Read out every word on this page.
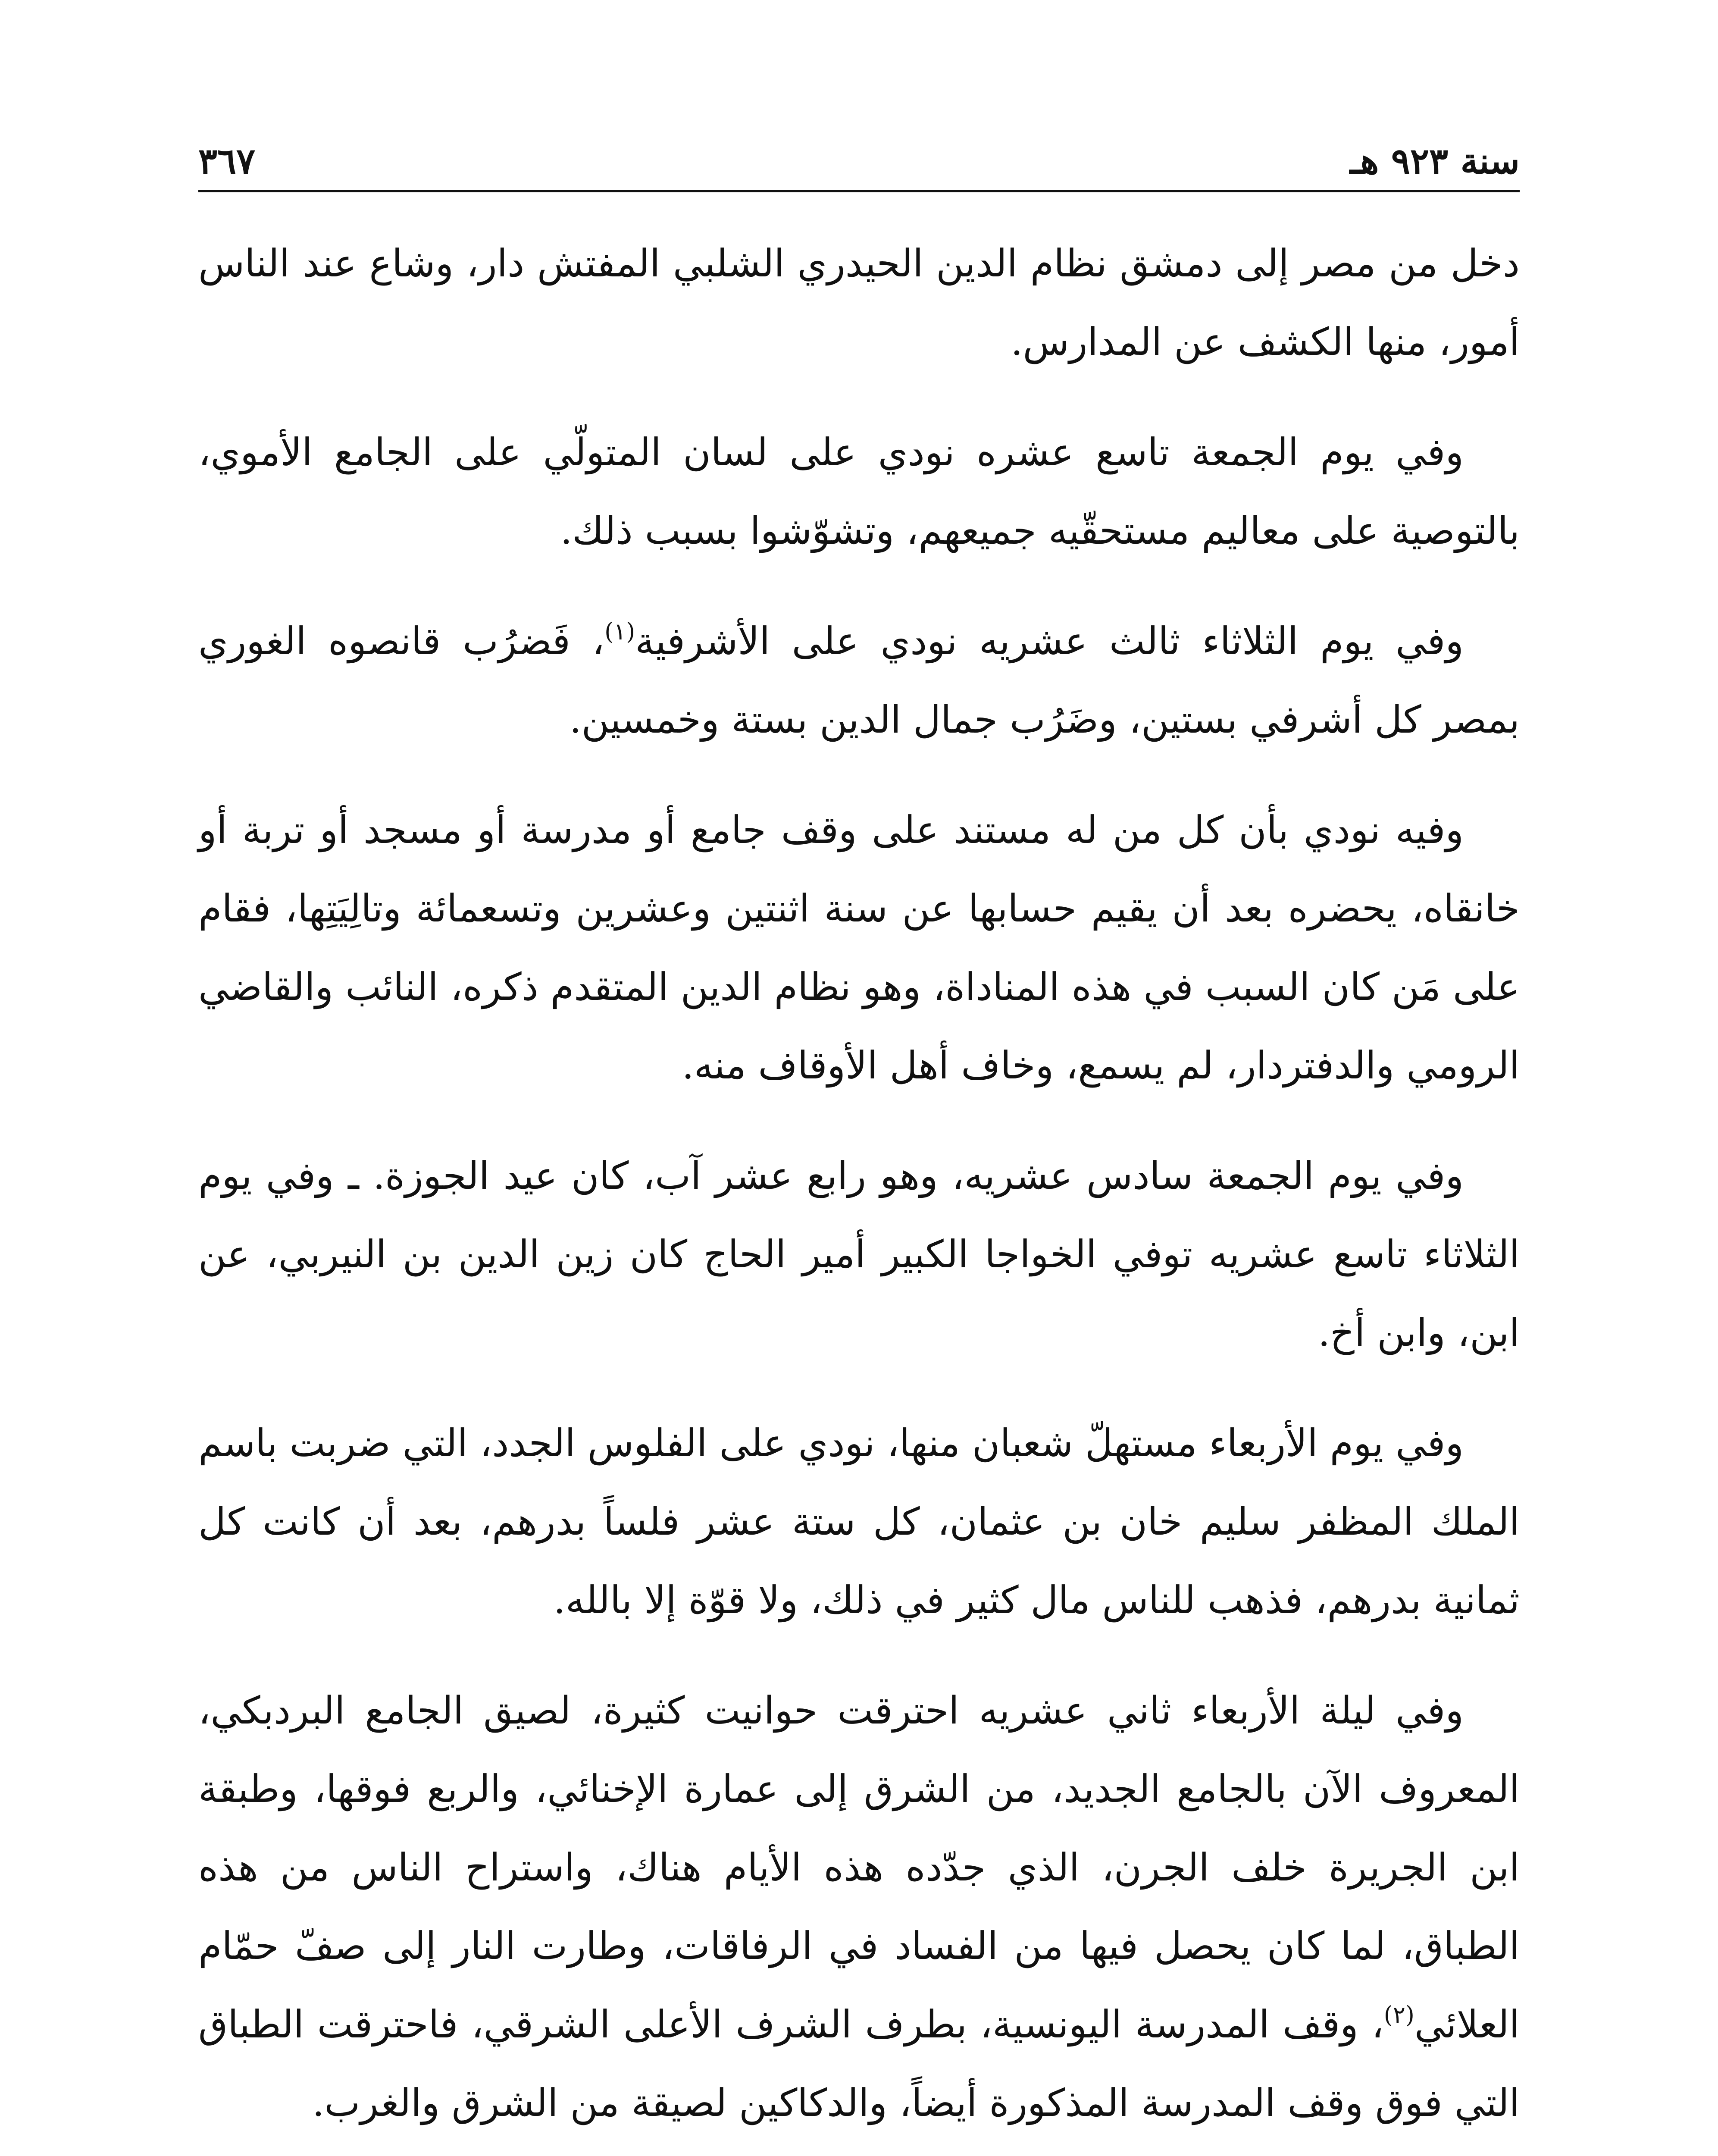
سنة ٩٢٣ هـ
٣٦٧

دخل من مصر إلى دمشق نظام الدين الحيدري الشلبي المفتش دار، وشاع عند الناس أمور، منها الكشف عن المدارس.

وفي يوم الجمعة تاسع عشره نودي على لسان المتولّي على الجامع الأموي، بالتوصية على معاليم مستحقّيه جميعهم، وتشوّشوا بسبب ذلك.

وفي يوم الثلاثاء ثالث عشريه نودي على الأشرفية$^{(١)}$، فَضرُب قانصوه الغوري بمصر كل أشرفي بستين، وضَرُب جمال الدين بستة وخمسين.

وفيه نودي بأن كل من له مستند على وقف جامع أو مدرسة أو مسجد أو تربة أو خانقاه، يحضره بعد أن يقيم حسابها عن سنة اثنتين وعشرين وتسعمائة وتالِيَتِها، فقام على مَن كان السبب في هذه المناداة، وهو نظام الدين المتقدم ذكره، النائب والقاضي الرومي والدفتردار، لم يسمع، وخاف أهل الأوقاف منه.

وفي يوم الجمعة سادس عشريه، وهو رابع عشر آب، كان عيد الجوزة. ـ وفي يوم الثلاثاء تاسع عشريه توفي الخواجا الكبير أمير الحاج كان زين الدين بن النيربي، عن ابن، وابن أخ.

وفي يوم الأربعاء مستهلّ شعبان منها، نودي على الفلوس الجدد، التي ضربت باسم الملك المظفر سليم خان بن عثمان، كل ستة عشر فلساً بدرهم، بعد أن كانت كل ثمانية بدرهم، فذهب للناس مال كثير في ذلك، ولا قوّة إلا بالله.

وفي ليلة الأربعاء ثاني عشريه احترقت حوانيت كثيرة، لصيق الجامع البردبكي، المعروف الآن بالجامع الجديد، من الشرق إلى عمارة الإخنائي، والربع فوقها، وطبقة ابن الجريرة خلف الجرن، الذي جدّده هذه الأيام هناك، واستراح الناس من هذه الطباق، لما كان يحصل فيها من الفساد في الرفاقات، وطارت النار إلى صفّ حمّام العلائي$^{(٢)}$، وقف المدرسة اليونسية، بطرف الشرف الأعلى الشرقي، فاحترقت الطباق التي فوق وقف المدرسة المذكورة أيضاً، والدكاكين لصيقة من الشرق والغرب.
